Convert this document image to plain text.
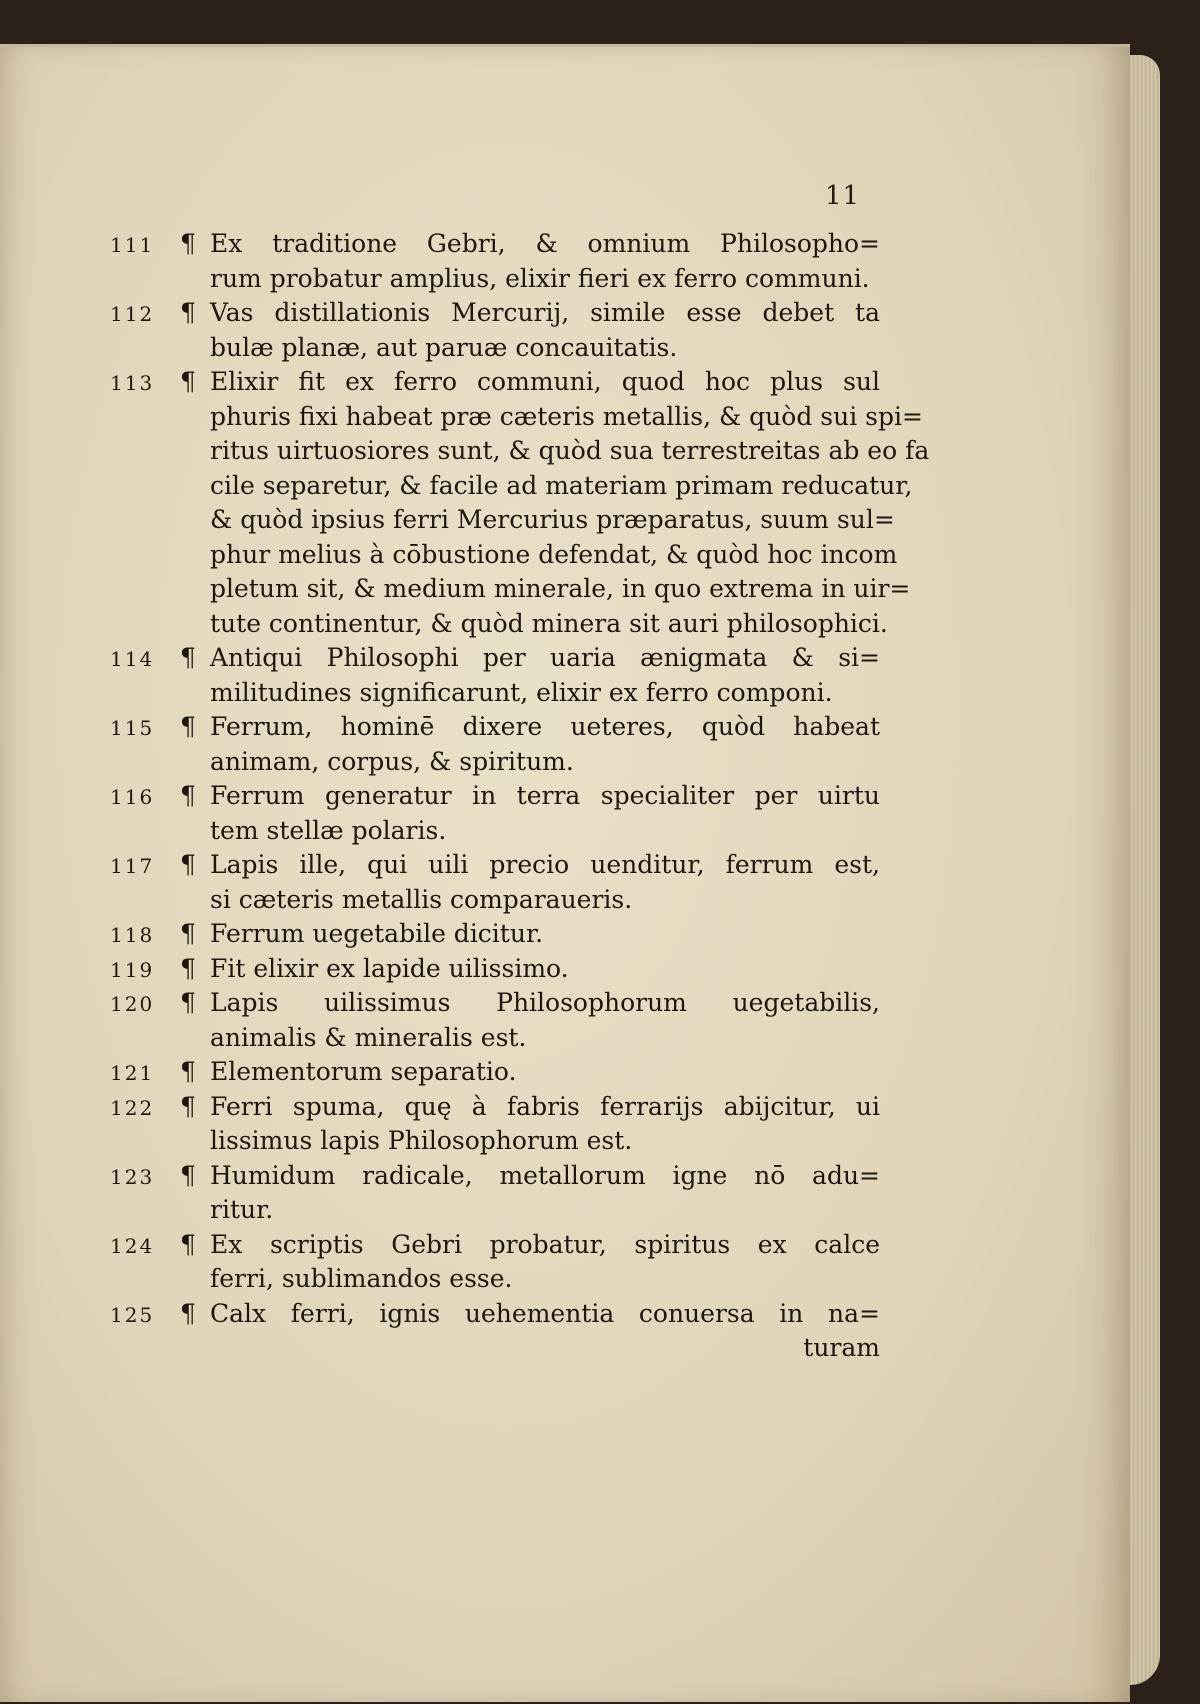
11
111	¶ Ex traditione Gebri, & omnium Philosopho=
rum probatur amplius, elixir fieri ex ferro communi.
112	¶ Vas distillationis Mercurij, simile esse debet ta
bulæ planæ, aut paruæ concauitatis.
113	¶ Elixir fit ex ferro communi, quod hoc plus sul
phuris fixi habeat præ cæteris metallis, & quòd sui spi=
ritus uirtuosiores sunt, & quòd sua terrestreitas ab eo fa
cile separetur, & facile ad materiam primam reducatur,
& quòd ipsius ferri Mercurius præparatus, suum sul=
phur melius à cōbustione defendat, & quòd hoc incom
pletum sit, & medium minerale, in quo extrema in uir=
tute continentur, & quòd minera sit auri philosophici.
114	¶ Antiqui Philosophi per uaria ænigmata & si=
militudines significarunt, elixir ex ferro componi.
115	¶ Ferrum, hominē dixere ueteres, quòd habeat
animam, corpus, & spiritum.
116	¶ Ferrum generatur in terra specialiter per uirtu
tem stellæ polaris.
117	¶ Lapis ille, qui uili precio uenditur, ferrum est,
si cæteris metallis comparaueris.
118	¶ Ferrum uegetabile dicitur.
119	¶ Fit elixir ex lapide uilissimo.
120	¶ Lapis uilissimus Philosophorum uegetabilis,
animalis & mineralis est.
121	¶ Elementorum separatio.
122	¶ Ferri spuma, quę à fabris ferrarijs abijcitur, ui
lissimus lapis Philosophorum est.
123	¶ Humidum radicale, metallorum igne nō adu=
ritur.
124	¶ Ex scriptis Gebri probatur, spiritus ex calce
ferri, sublimandos esse.
125	¶ Calx ferri, ignis uehementia conuersa in na=
turam
